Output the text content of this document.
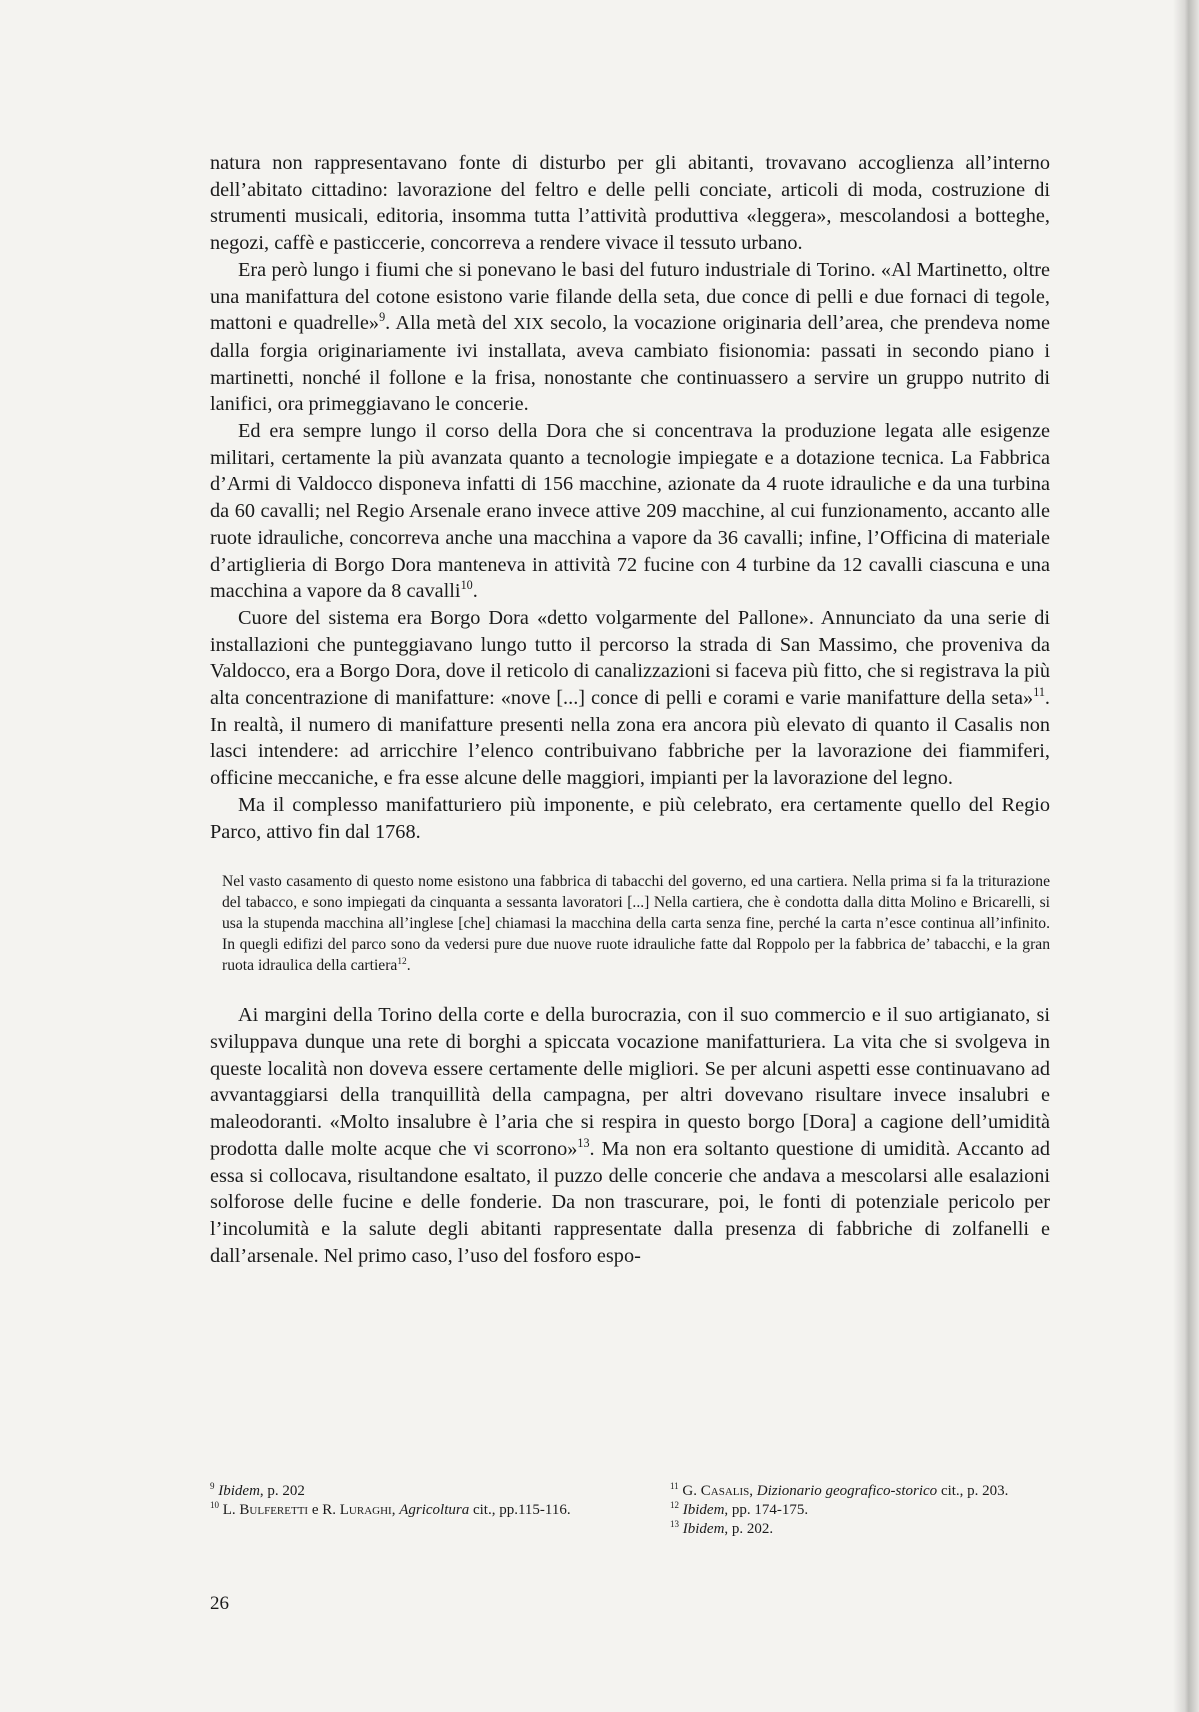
natura non rappresentavano fonte di disturbo per gli abitanti, trovavano accoglienza all’interno dell’abitato cittadino: lavorazione del feltro e delle pelli conciate, articoli di moda, costruzione di strumenti musicali, editoria, insomma tutta l’attività produttiva «leggera», mescolandosi a botteghe, negozi, caffè e pasticcerie, concorreva a rendere vivace il tessuto urbano.

Era però lungo i fiumi che si ponevano le basi del futuro industriale di Torino. «Al Martinetto, oltre una manifattura del cotone esistono varie filande della seta, due conce di pelli e due fornaci di tegole, mattoni e quadrelle»$^9$. Alla metà del XIX secolo, la vocazione originaria dell’area, che prendeva nome dalla forgia originariamente ivi installata, aveva cambiato fisionomia: passati in secondo piano i martinetti, nonché il follone e la frisa, nonostante che continuassero a servire un gruppo nutrito di lanifici, ora primeggiavano le concerie.

Ed era sempre lungo il corso della Dora che si concentrava la produzione legata alle esigenze militari, certamente la più avanzata quanto a tecnologie impiegate e a dotazione tecnica. La Fabbrica d’Armi di Valdocco disponeva infatti di 156 macchine, azionate da 4 ruote idrauliche e da una turbina da 60 cavalli; nel Regio Arsenale erano invece attive 209 macchine, al cui funzionamento, accanto alle ruote idrauliche, concorreva anche una macchina a vapore da 36 cavalli; infine, l’Officina di materiale d’artiglieria di Borgo Dora manteneva in attività 72 fucine con 4 turbine da 12 cavalli ciascuna e una macchina a vapore da 8 cavalli$^{10}$.

Cuore del sistema era Borgo Dora «detto volgarmente del Pallone». Annunciato da una serie di installazioni che punteggiavano lungo tutto il percorso la strada di San Massimo, che proveniva da Valdocco, era a Borgo Dora, dove il reticolo di canalizzazioni si faceva più fitto, che si registrava la più alta concentrazione di manifatture: «nove [...] conce di pelli e corami e varie manifatture della seta»$^{11}$. In realtà, il numero di manifatture presenti nella zona era ancora più elevato di quanto il Casalis non lasci intendere: ad arricchire l’elenco contribuivano fabbriche per la lavorazione dei fiammiferi, officine meccaniche, e fra esse alcune delle maggiori, impianti per la lavorazione del legno.

Ma il complesso manifatturiero più imponente, e più celebrato, era certamente quello del Regio Parco, attivo fin dal 1768.

Nel vasto casamento di questo nome esistono una fabbrica di tabacchi del governo, ed una cartiera. Nella prima si fa la triturazione del tabacco, e sono impiegati da cinquanta a sessanta lavoratori [...] Nella cartiera, che è condotta dalla ditta Molino e Bricarelli, si usa la stupenda macchina all’inglese [che] chiamasi la macchina della carta senza fine, perché la carta n’esce continua all’infinito. In quegli edifizi del parco sono da vedersi pure due nuove ruote idrauliche fatte dal Roppolo per la fabbrica de’ tabacchi, e la gran ruota idraulica della cartiera$^{12}$.

Ai margini della Torino della corte e della burocrazia, con il suo commercio e il suo artigianato, si sviluppava dunque una rete di borghi a spiccata vocazione manifatturiera. La vita che si svolgeva in queste località non doveva essere certamente delle migliori. Se per alcuni aspetti esse continuavano ad avvantaggiarsi della tranquillità della campagna, per altri dovevano risultare invece insalubri e maleodoranti. «Molto insalubre è l’aria che si respira in questo borgo [Dora] a cagione dell’umidità prodotta dalle molte acque che vi scorrono»$^{13}$. Ma non era soltanto questione di umidità. Accanto ad essa si collocava, risultandone esaltato, il puzzo delle concerie che andava a mescolarsi alle esalazioni solforose delle fucine e delle fonderie. Da non trascurare, poi, le fonti di potenziale pericolo per l’incolumità e la salute degli abitanti rappresentate dalla presenza di fabbriche di zolfanelli e dall’arsenale. Nel primo caso, l’uso del fosforo espo-

$^9$ Ibidem, p. 202

$^{10}$ L. Bulferetti e R. Luraghi, Agricoltura cit., pp.115-116.

$^{11}$ G. Casalis, Dizionario geografico-storico cit., p. 203.

$^{12}$ Ibidem, pp. 174-175.

$^{13}$ Ibidem, p. 202.

26
